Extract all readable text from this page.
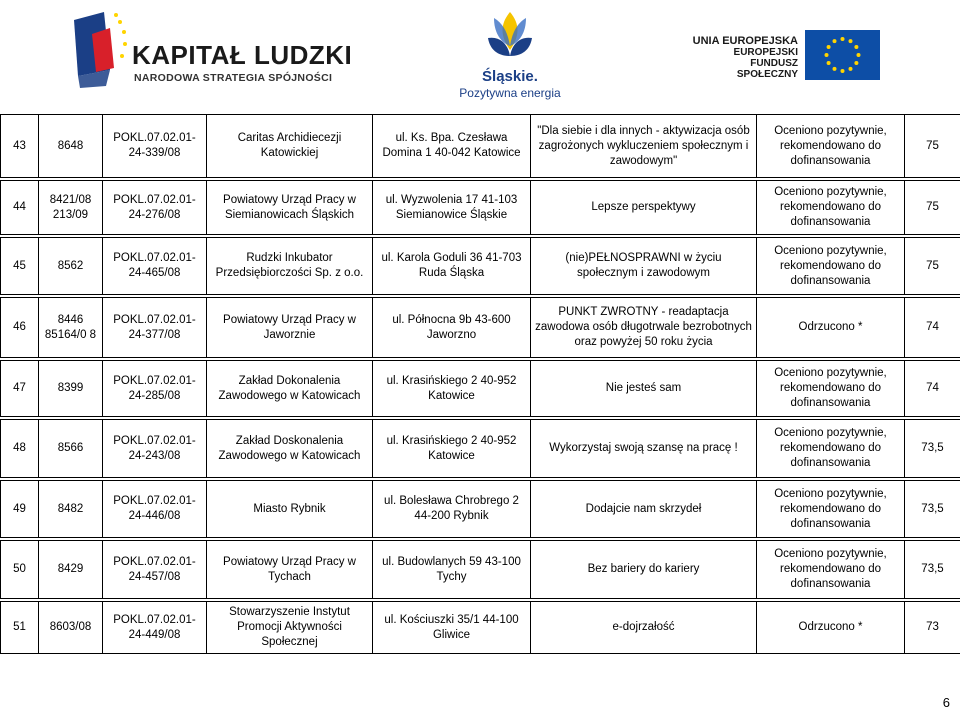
KAPITAŁ LUDZKI
NARODOWA STRATEGIA SPÓJNOŚCI	Śląskie.
Pozytywna energia
UNIA EUROPEJSKA
EUROPEJSKI
FUNDUSZ SPOŁECZNY
43	8648	POKL.07.02.01-24-339/08	Caritas Archidiecezji Katowickiej	ul. Ks. Bpa. Czesława Domina 1 40-042 Katowice	"Dla siebie i dla innych - aktywizacja osób zagrożonych wykluczeniem społecznym i zawodowym"	Oceniono pozytywnie, rekomendowano do dofinansowania	75

44	8421/08 213/09	POKL.07.02.01-24-276/08	Powiatowy Urząd Pracy w Siemianowicach Śląskich	ul. Wyzwolenia 17 41-103 Siemianowice Śląskie	Lepsze perspektywy	Oceniono pozytywnie, rekomendowano do dofinansowania	75

45	8562	POKL.07.02.01-24-465/08	Rudzki Inkubator Przedsiębiorczości Sp. z o.o.	ul. Karola Goduli 36 41-703 Ruda Śląska	(nie)PEŁNOSPRAWNI w życiu społecznym i zawodowym	Oceniono pozytywnie, rekomendowano do dofinansowania	75

46	8446 85164/0 8	POKL.07.02.01-24-377/08	Powiatowy Urząd Pracy w Jaworznie	ul. Północna 9b 43-600 Jaworzno	PUNKT ZWROTNY - readaptacja zawodowa osób długotrwale bezrobotnych oraz powyżej 50 roku życia	Odrzucono *	74

47	8399	POKL.07.02.01-24-285/08	Zakład Dokonalenia Zawodowego w Katowicach	ul. Krasińskiego 2 40-952 Katowice	Nie jesteś sam	Oceniono pozytywnie, rekomendowano do dofinansowania	74

48	8566	POKL.07.02.01-24-243/08	Zakład Doskonalenia Zawodowego w Katowicach	ul. Krasińskiego 2 40-952 Katowice	Wykorzystaj swoją szansę na pracę !	Oceniono pozytywnie, rekomendowano do dofinansowania	73,5

49	8482	POKL.07.02.01-24-446/08	Miasto Rybnik	ul. Bolesława Chrobrego 2 44-200 Rybnik	Dodajcie nam skrzydeł	Oceniono pozytywnie, rekomendowano do dofinansowania	73,5

50	8429	POKL.07.02.01-24-457/08	Powiatowy Urząd Pracy w Tychach	ul. Budowlanych 59 43-100 Tychy	Bez bariery do kariery	Oceniono pozytywnie, rekomendowano do dofinansowania	73,5

51	8603/08	POKL.07.02.01-24-449/08	Stowarzyszenie Instytut Promocji Aktywności Społecznej	ul. Kościuszki 35/1 44-100 Gliwice	e-dojrzałość	Odrzucono *	73
6
